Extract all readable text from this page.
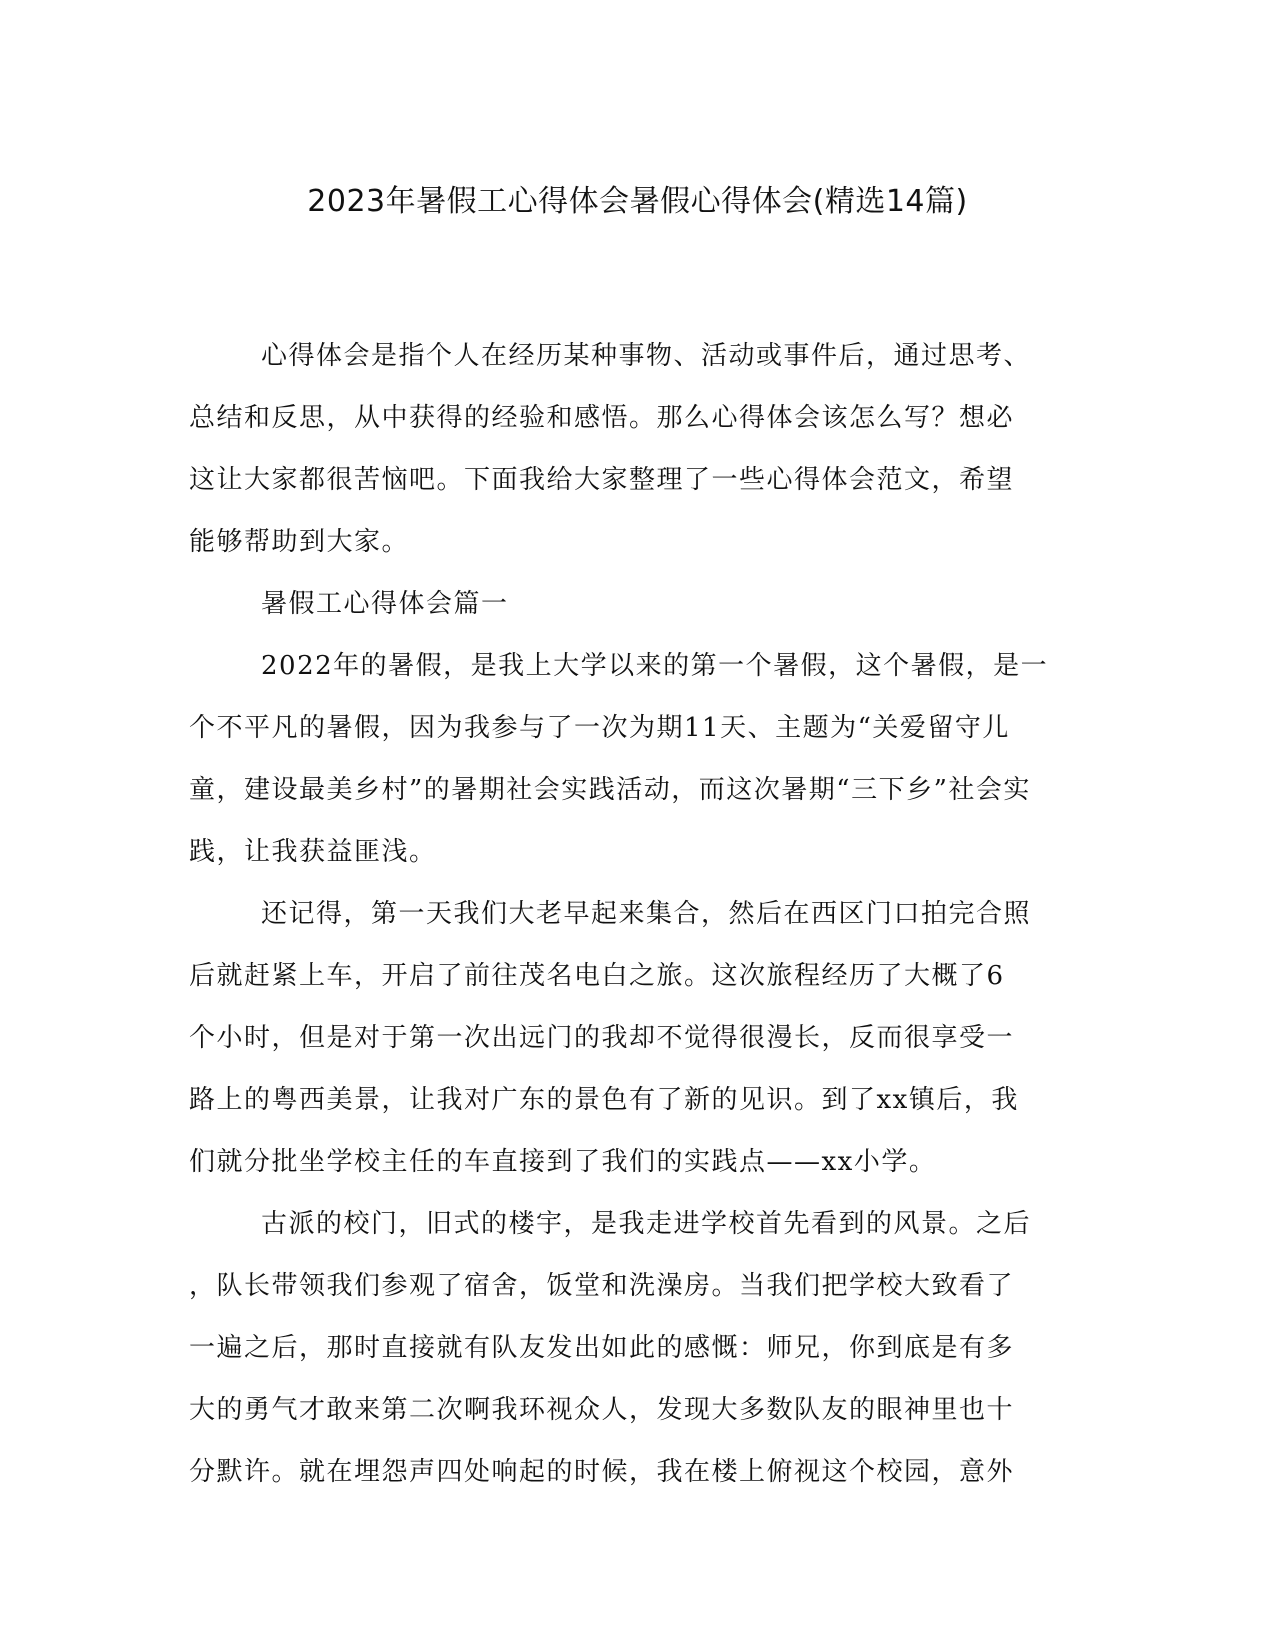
2023年暑假工心得体会暑假心得体会(精选14篇)

心得体会是指个人在经历某种事物、活动或事件后，通过思考、
总结和反思，从中获得的经验和感悟。那么心得体会该怎么写？想必
这让大家都很苦恼吧。下面我给大家整理了一些心得体会范文，希望
能够帮助到大家。

暑假工心得体会篇一

2022年的暑假，是我上大学以来的第一个暑假，这个暑假，是一
个不平凡的暑假，因为我参与了一次为期11天、主题为“关爱留守儿
童，建设最美乡村”的暑期社会实践活动，而这次暑期“三下乡”社会实
践，让我获益匪浅。

还记得，第一天我们大老早起来集合，然后在西区门口拍完合照
后就赶紧上车，开启了前往茂名电白之旅。这次旅程经历了大概了6
个小时，但是对于第一次出远门的我却不觉得很漫长，反而很享受一
路上的粤西美景，让我对广东的景色有了新的见识。到了xx镇后，我
们就分批坐学校主任的车直接到了我们的实践点——xx小学。

古派的校门，旧式的楼宇，是我走进学校首先看到的风景。之后
，队长带领我们参观了宿舍，饭堂和洗澡房。当我们把学校大致看了
一遍之后，那时直接就有队友发出如此的感慨：师兄，你到底是有多
大的勇气才敢来第二次啊我环视众人，发现大多数队友的眼神里也十
分默许。就在埋怨声四处响起的时候，我在楼上俯视这个校园，意外
